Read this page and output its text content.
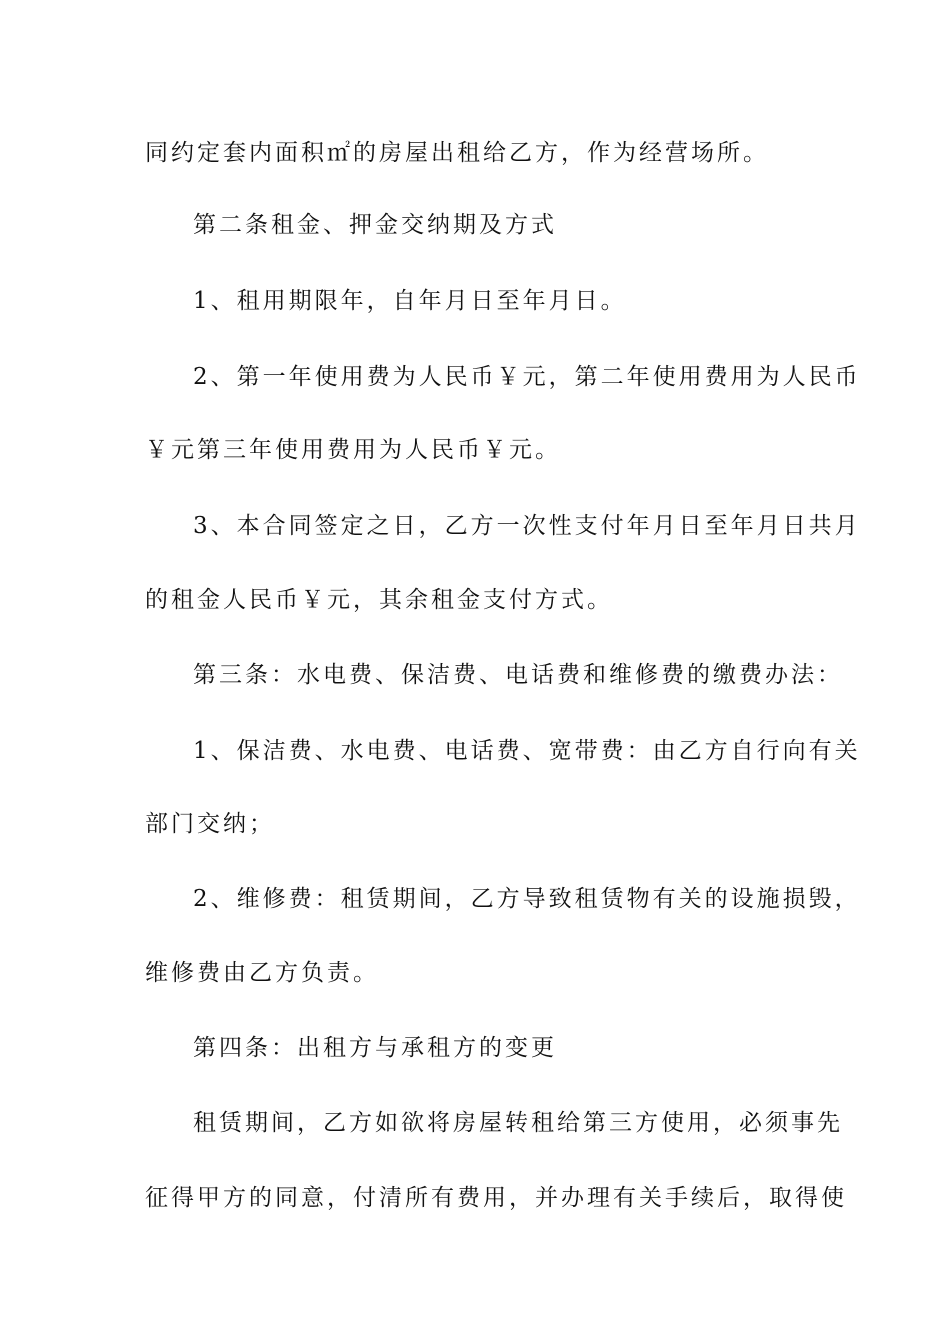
同约定套内面积㎡的房屋出租给乙方，作为经营场所。

第二条租金、押金交纳期及方式

1、租用期限年，自年月日至年月日。

2、第一年使用费为人民币￥元，第二年使用费用为人民币

￥元第三年使用费用为人民币￥元。

3、本合同签定之日，乙方一次性支付年月日至年月日共月

的租金人民币￥元，其余租金支付方式。

第三条：水电费、保洁费、电话费和维修费的缴费办法：

1、保洁费、水电费、电话费、宽带费：由乙方自行向有关

部门交纳；

2、维修费：租赁期间，乙方导致租赁物有关的设施损毁，

维修费由乙方负责。

第四条：出租方与承租方的变更

租赁期间，乙方如欲将房屋转租给第三方使用，必须事先

征得甲方的同意，付清所有费用，并办理有关手续后，取得使
